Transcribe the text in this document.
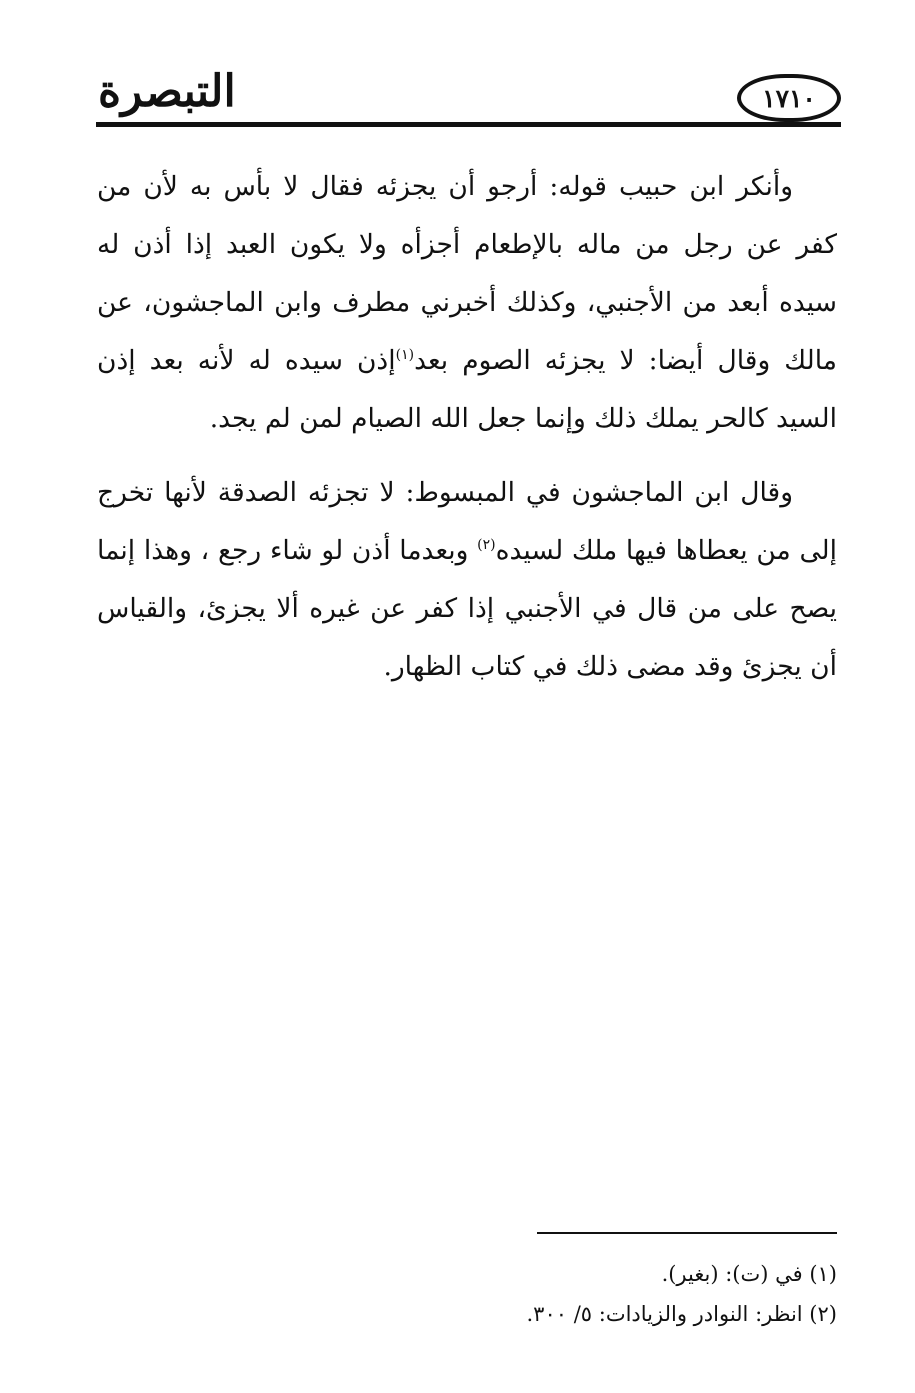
التبصرة	١٧١٠

وأنكر ابن حبيب قوله: أرجو أن يجزئه فقال لا بأس به لأن من كفر عن رجل من ماله بالإطعام أجزأه ولا يكون العبد إذا أذن له سيده أبعد من الأجنبي، وكذلك أخبرني مطرف وابن الماجشون، عن مالك وقال أيضا: لا يجزئه الصوم بعد$^{(١)}$إذن سيده له لأنه بعد إذن السيد كالحر يملك ذلك وإنما جعل الله الصيام لمن لم يجد.

وقال ابن الماجشون في المبسوط: لا تجزئه الصدقة لأنها تخرج إلى من يعطاها فيها ملك لسيده$^{(٢)}$ وبعدما أذن لو شاء رجع ، وهذا إنما يصح على من قال في الأجنبي إذا كفر عن غيره ألا يجزئ، والقياس أن يجزئ وقد مضى ذلك في كتاب الظهار.

(١) في (ت): (بغير).

(٢) انظر: النوادر والزيادات: ٥/ ٣٠٠.
